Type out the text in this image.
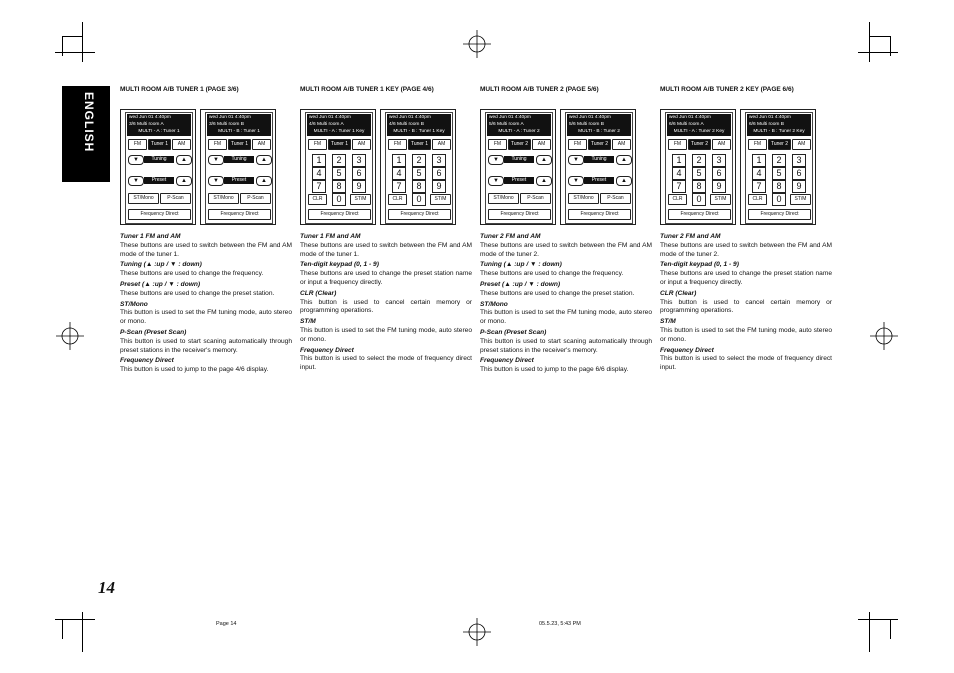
ENGLISH
MULTI ROOM A/B TUNER 1 (PAGE 3/6)
wed Jun 01 4:40pm
3/6 Multi room A
MULTI - A : Tuner 1
FM	Tuner 1	AM
▼	Tuning	▲
▼	Preset	▲
ST/Mono	P-Scan
Frequency Direct
wed Jun 01 4:40pm
3/6 Multi room B
MULTI - B : Tuner 1
FM	Tuner 1	AM
▼	Tuning	▲
▼	Preset	▲
ST/Mono	P-Scan
Frequency Direct
Tuner 1 FM and AM
These buttons are used to switch between the FM and AM mode of the tuner 1.
Tuning (▲ :up / ▼ : down)
These buttons are used to change the frequency.
Preset (▲ :up / ▼ : down)
These buttons are used to change the preset station.
ST/Mono
This button is used to set the FM tuning mode, auto stereo or mono.
P-Scan (Preset Scan)
This button is used to start scaning automatically through preset stations in the receiver's memory.
Frequency Direct
This button is used to jump to the page 4/6 display.
MULTI ROOM A/B TUNER 1 KEY (PAGE 4/6)
wed Jun 01 4:40pm
4/6 Multi room A
MULTI - A : Tuner 1 Key
FM	Tuner 1	AM
1	2	3
4	5	6
7	8	9
CLR	0	ST/M
Frequency Direct
wed Jun 01 4:40pm
4/6 Multi room B
MULTI - B : Tuner 1 Key
FM	Tuner 1	AM
1	2	3
4	5	6
7	8	9
CLR	0	ST/M
Frequency Direct
Tuner 1 FM and AM
These buttons are used to switch between the FM and AM mode of the tuner 1.
Ten-digit keypad (0, 1 - 9)
These buttons are used to change the preset station name or input a frequency directly.
CLR (Clear)
This button is used to cancel certain memory or programming operations.
ST/M
This button is used to set the FM tuning mode, auto stereo or mono.
Frequency Direct
This button is used to select the mode of frequency direct input.
MULTI ROOM A/B TUNER 2 (PAGE 5/6)
wed Jun 01 4:40pm
5/6 Multi room A
MULTI - A : Tuner 2
FM	Tuner 2	AM
▼	Tuning	▲
▼	Preset	▲
ST/Mono	P-Scan
Frequency Direct
wed Jun 01 4:40pm
5/6 Multi room B
MULTI - B : Tuner 2
FM	Tuner 2	AM
▼	Tuning	▲
▼	Preset	▲
ST/Mono	P-Scan
Frequency Direct
Tuner 2 FM and AM
These buttons are used to switch between the FM and AM mode of the tuner 2.
Tuning (▲ :up / ▼ : down)
These buttons are used to change the frequency.
Preset (▲ :up / ▼ : down)
These buttons are used to change the preset station.
ST/Mono
This button is used to set the FM tuning mode, auto stereo or mono.
P-Scan (Preset Scan)
This button is used to start scaning automatically through preset stations in the receiver's memory.
Frequency Direct
This button is used to jump to the page 6/6 display.
MULTI ROOM A/B TUNER 2 KEY (PAGE 6/6)
wed Jun 01 4:40pm
6/6 Multi room A
MULTI - A : Tuner 2 Key
FM	Tuner 2	AM
1	2	3
4	5	6
7	8	9
CLR	0	ST/M
Frequency Direct
wed Jun 01 4:40pm
6/6 Multi room B
MULTI - B : Tuner 2 Key
FM	Tuner 2	AM
1	2	3
4	5	6
7	8	9
CLR	0	ST/M
Frequency Direct
Tuner 2 FM and AM
These buttons are used to switch between the FM and AM mode of the tuner 2.
Ten-digit keypad (0, 1 - 9)
These buttons are used to change the preset station name or input a frequency directly.
CLR (Clear)
This button is used to cancel certain memory or programming operations.
ST/M
This button is used to set the FM tuning mode, auto stereo or mono.
Frequency Direct
This button is used to select the mode of frequency direct input.
14
Page 14	05.5.23, 5:43 PM
